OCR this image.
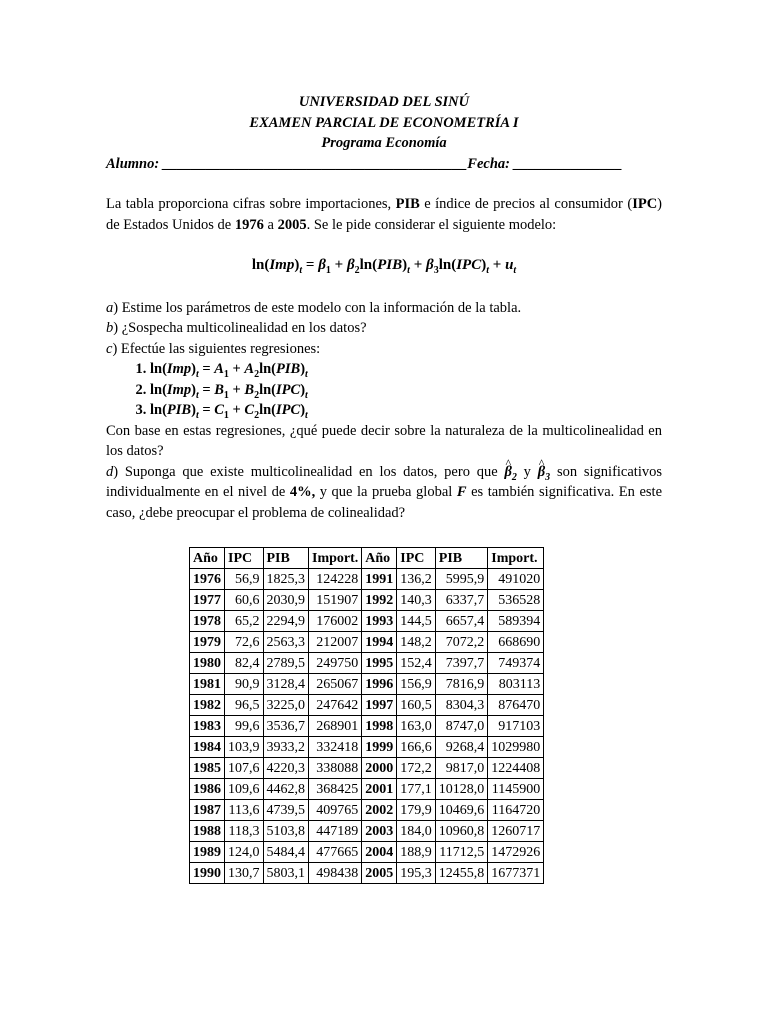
UNIVERSIDAD DEL SINÚ

EXAMEN PARCIAL DE ECONOMETRÍA I

Programa Economía

Alumno: __________________________________________Fecha: _______________

La tabla proporciona cifras sobre importaciones, PIB e índice de precios al consumidor (IPC) de Estados Unidos de 1976 a 2005. Se le pide considerar el siguiente modelo:

$\ln(Imp)_t = \beta_1 + \beta_2\ln(PIB)_t + \beta_3\ln(IPC)_t + u_t$

a) Estime los parámetros de este modelo con la información de la tabla.

b) ¿Sospecha multicolinealidad en los datos?

c) Efectúe las siguientes regresiones:

1. $\ln(Imp)_t = A_1 + A_2\ln(PIB)_t$
2. $\ln(Imp)_t = B_1 + B_2\ln(IPC)_t$
3. $\ln(PIB)_t = C_1 + C_2\ln(IPC)_t$

Con base en estas regresiones, ¿qué puede decir sobre la naturaleza de la multicolinealidad en los datos?

d) Suponga que existe multicolinealidad en los datos, pero que ^ $\beta_2$ y ^ $\beta_3$ son significativos individualmente en el nivel de 4%, y que la prueba global F es también significativa. En este caso, ¿debe preocupar el problema de colinealidad?

Año	IPC	PIB	Import.	Año	IPC	PIB	Import.
1976	56,9	1825,3	124228	1991	136,2	5995,9	491020
1977	60,6	2030,9	151907	1992	140,3	6337,7	536528
1978	65,2	2294,9	176002	1993	144,5	6657,4	589394
1979	72,6	2563,3	212007	1994	148,2	7072,2	668690
1980	82,4	2789,5	249750	1995	152,4	7397,7	749374
1981	90,9	3128,4	265067	1996	156,9	7816,9	803113
1982	96,5	3225,0	247642	1997	160,5	8304,3	876470
1983	99,6	3536,7	268901	1998	163,0	8747,0	917103
1984	103,9	3933,2	332418	1999	166,6	9268,4	1029980
1985	107,6	4220,3	338088	2000	172,2	9817,0	1224408
1986	109,6	4462,8	368425	2001	177,1	10128,0	1145900
1987	113,6	4739,5	409765	2002	179,9	10469,6	1164720
1988	118,3	5103,8	447189	2003	184,0	10960,8	1260717
1989	124,0	5484,4	477665	2004	188,9	11712,5	1472926
1990	130,7	5803,1	498438	2005	195,3	12455,8	1677371
